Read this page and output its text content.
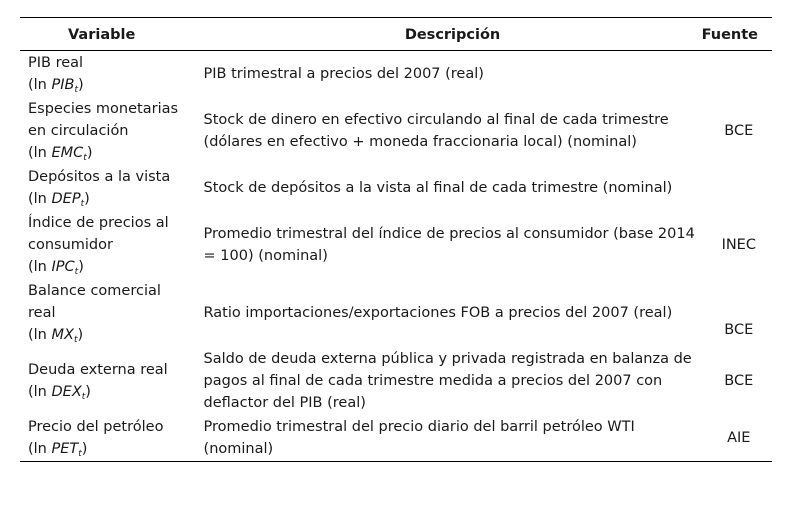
Variable	Descripción	Fuente

PIB real
(ln $PIB_t$)	PIB trimestral a precios del 2007 (real)	

Especies monetarias
en circulación
(ln $EMC_t$)	Stock de dinero en efectivo circulando al final de cada trimestre (dólares en efectivo + moneda fraccionaria local) (nominal)	BCE

Depósitos a la vista
(ln $DEP_t$)	Stock de depósitos a la vista al final de cada trimestre (nominal)	

Índice de precios al
consumidor
(ln $IPC_t$)	Promedio trimestral del índice de precios al consumidor (base 2014 = 100) (nominal)	INEC

Balance comercial
real
(ln $MX_t$)	Ratio importaciones/exportaciones FOB a precios del 2007 (real)	BCE

Deuda externa real
(ln $DEX_t$)	Saldo de deuda externa pública y privada registrada en balanza de pagos al final de cada trimestre medida a precios del 2007 con deflactor del PIB (real)	BCE

Precio del petróleo
(ln $PET_t$)	Promedio trimestral del precio diario del barril petróleo WTI (nominal)	AIE
